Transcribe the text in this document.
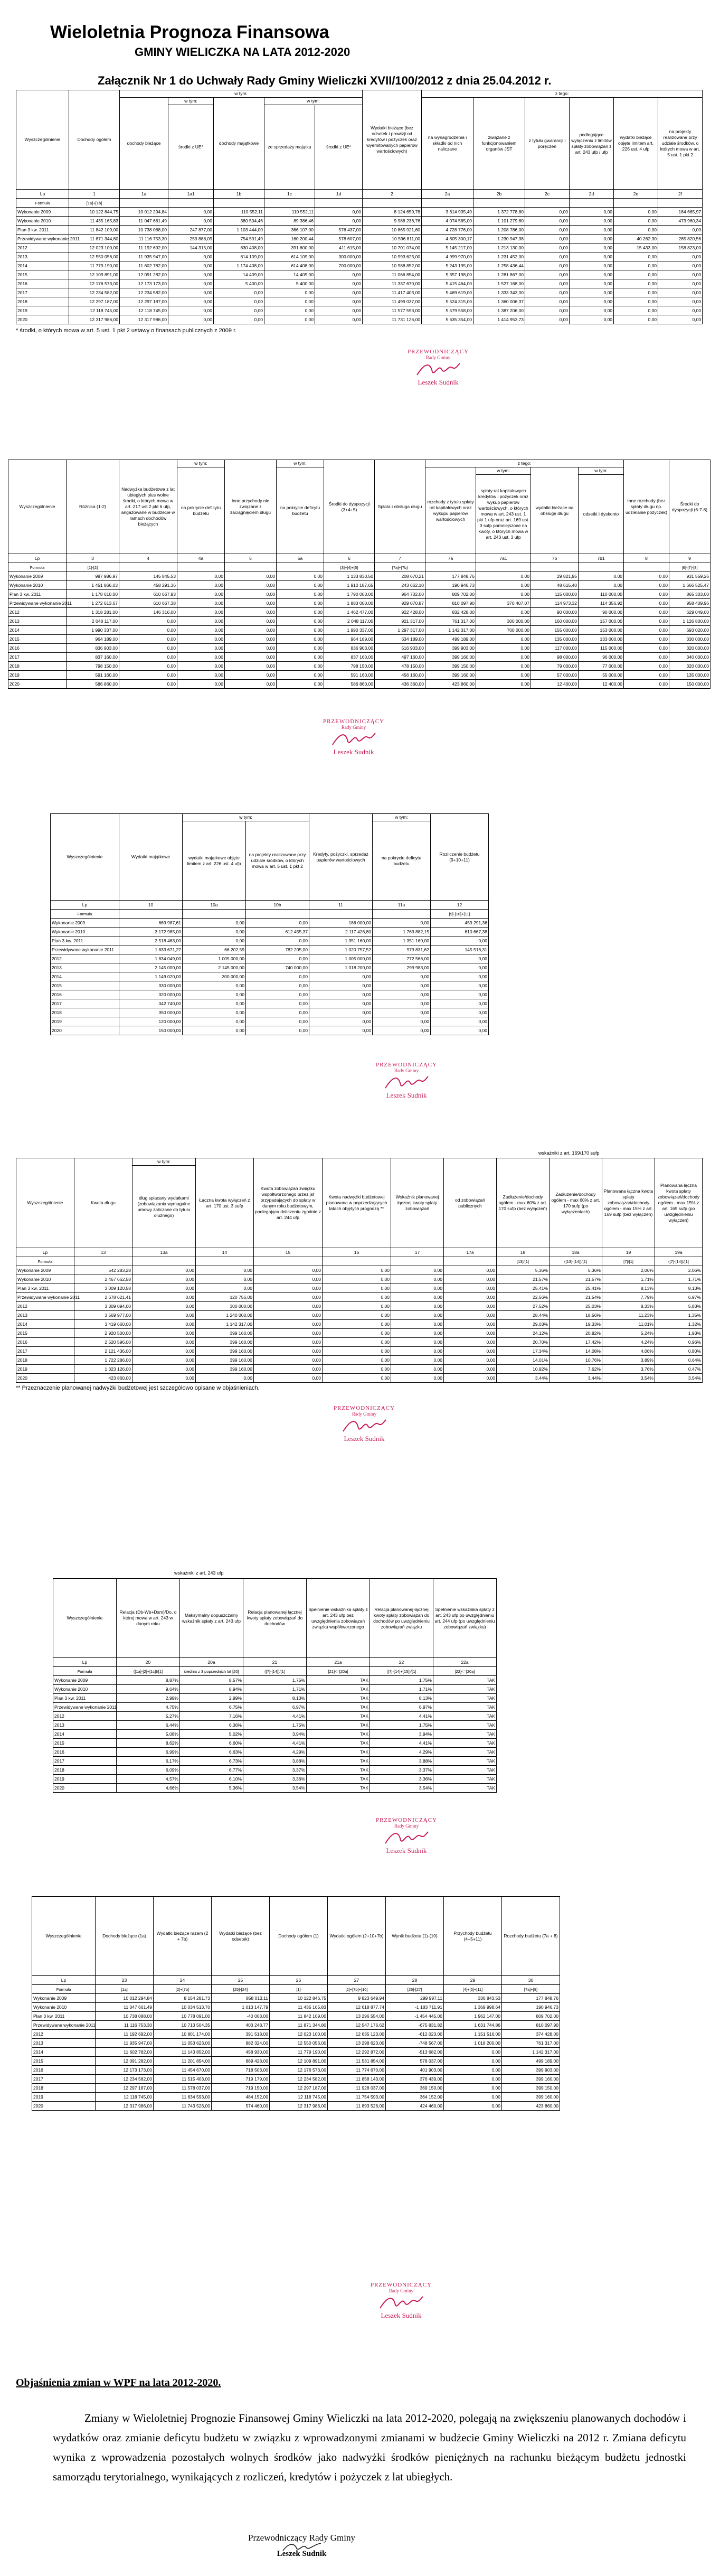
Wieloletnia Prognoza Finansowa
GMINY WIELICZKA NA LATA 2012-2020
Załącznik Nr 1 do Uchwały Rady Gminy Wieliczki XVII/100/2012 z dnia 25.04.2012 r.
Wyszczególnienie	Dochody ogółem	w tym:					Wydatki bieżące (bez odsetek i prowizji od kredytów i pożyczek oraz wyemitowanych papierów wartościowych)	z tego:					
		dochody bieżące	w tym:	dochody majątkowe	w tym:			na wynagrodzenia i składki od nich naliczane	związane z funkcjonowaniem organów JST	z tytułu gwarancji i poręczeń	podlegające wyłączeniu z limitów spłaty zobowiązań z art. 243 ufp / ufp	wydatki bieżące objęte limitem art. 226 ust. 4 ufp	na projekty realizowane przy udziale środków, o których mowa w art. 5 ust. 1 pkt 2
			środki z UE*		ze sprzedaży majątku	środki z UE*							
Lp	1	1a	1a1	1b	1c	1d	2	2a	2b	2c	2d	2e	2f
Formuła	[1a]+[1b]												
Wykonanie 2009	10 122 844,75	10 012 294,84	0,00	110 552,11	110 552,11	0,00	8 124 659,78	3 614 935,49	1 372 778,80	0,00	0,00	0,00	184 665,97
Wykonanie 2010	11 435 165,83	11 047 661,49	0,00	380 504,46	89 386,46	0,00	9 988 236,76	4 074 565,00	1 101 279,60	0,00	0,00	0,00	473 960,34
Plan 3 kw. 2011	11 842 109,00	10 738 088,00	247 877,00	1 103 444,00	366 107,00	576 437,00	10 865 921,60	4 728 776,00	1 208 786,00	0,00	0,00	0,00	0,00
Przewidywane wykonanie 2011	11 871 344,80	11 116 753,30	259 888,09	754 591,49	160 200,44	578 607,00	10 596 811,00	4 805 300,17	1 230 947,38	0,00	0,00	40 262,30	285 820,56
2012	12 023 100,00	11 192 692,00	144 315,00	830 408,00	391 600,00	411 615,00	10 701 074,00	5 145 217,00	1 213 130,00	0,00	0,00	15 433,00	158 823,00
2013	12 550 056,00	11 935 947,00	0,00	614 109,00	614 109,00	300 000,00	10 993 623,00	4 999 970,00	1 231 452,00	0,00	0,00	0,00	0,00
2014	11 779 190,00	11 602 782,00	0,00	1 174 408,00	614 408,00	700 000,00	10 988 852,00	5 243 195,00	1 258 436,44	0,00	0,00	0,00	0,00
2015	12 109 891,00	12 091 282,00	0,00	14 409,00	14 409,00	0,00	11 066 854,00	5 357 198,00	1 281 867,00	0,00	0,00	0,00	0,00
2016	12 176 573,00	12 173 173,00	0,00	5 400,00	5 400,00	0,00	11 337 670,00	5 415 464,00	1 527 168,00	0,00	0,00	0,00	0,00
2017	12 234 582,00	12 234 582,00	0,00	0,00	0,00	0,00	11 417 403,00	5 469 619,00	1 333 343,00	0,00	0,00	0,00	0,00
2018	12 297 187,00	12 297 187,00	0,00	0,00	0,00	0,00	11 499 037,00	5 524 315,00	1 360 006,37	0,00	0,00	0,00	0,00
2019	12 118 745,00	12 118 745,00	0,00	0,00	0,00	0,00	11 577 593,00	5 579 558,00	1 387 206,00	0,00	0,00	0,00	0,00
2020	12 317 986,00	12 317 986,00	0,00	0,00	0,00	0,00	11 731 126,00	5 635 354,00	1 414 953,73	0,00	0,00	0,00	0,00
* środki, o których mowa w art. 5 ust. 1 pkt 2 ustawy o finansach publicznych z 2009 r.
PRZEWODNICZĄCY
Rady Gminy
Leszek Sudnik
Wyszczególnienie	Różnica (1-2)	Nadwyżka budżetowa z lat ubiegłych plus wolne środki, o których mowa w art. 217 ust 2 pkt 6 ufp, angażowane w budżecie w ramach dochodów bieżących	w tym:	Inne przychody nie związane z zaciągnięciem długu	w tym:	Środki do dyspozycji (3+4+5)	Spłata i obsługa długu	z tego:				Inne rozchody (bez spłaty długu np. udzielanie pożyczek)	Środki do dyspozycji (6-7-8)
			na pokrycie deficytu budżetu		na pokrycie deficytu budżetu			rozchody z tytułu spłaty rat kapitałowych oraz wykupu papierów wartościowych	w tym:	wydatki bieżące na obsługę długu	w tym:		
									spłaty rat kapitałowych kredytów i pożyczek oraz wykup papierów wartościowych, o których mowa w art. 243 ust. 1 pkt 1 ufp oraz art. 169 ust. 3 sufp pomniejszone na kwoty, o których mowa w art. 243 ust. 3 ufp		odsetki i dyskonto		
Lp	3	4	4a	5	5a	6	7	7a	7a1	7b	7b1	8	9
Formuła	[1]-[2]					[3]+[4]+[5]	[7a]+[7b]						[6]-[7]-[8]
Wykonanie 2009	987 986,97	145 845,53	0,00	0,00	0,00	1 133 830,50	208 670,21	177 848,76	0,00	29 821,95	0,00	0,00	931 559,26
Wykonanie 2010	1 451 866,03	458 291,36	0,00	0,00	0,00	1 910 187,65	243 662,10	190 946,73	0,00	48 615,40	0,00	0,00	1 666 525,47
Plan 3 kw. 2011	1 178 610,00	610 667,93	0,00	0,00	0,00	1 790 003,00	964 702,00	809 702,00	0,00	115 000,00	110 000,00	0,00	865 303,00
Przewidywane wykonanie 2011	1 272 613,67	610 667,38	0,00	0,00	0,00	1 883 000,00	929 070,87	810 097,90	370 407,07	114 973,32	114 356,92	0,00	958 409,96
2012	1 318 281,00	146 316,00	0,00	0,00	0,00	1 462 477,00	922 428,00	832 428,00	0,00	90 000,00	90 000,00	0,00	629 049,00
2013	2 048 117,00	0,00	0,00	0,00	0,00	2 048 117,00	921 317,00	761 317,00	300 000,00	160 000,00	157 000,00	0,00	1 126 800,00
2014	1 990 337,00	0,00	0,00	0,00	0,00	1 990 337,00	1 297 317,00	1 142 317,00	700 000,00	155 000,00	153 000,00	0,00	693 020,00
2015	964 189,00	0,00	0,00	0,00	0,00	964 189,00	634 189,00	499 189,00	0,00	135 000,00	133 000,00	0,00	330 000,00
2016	836 903,00	0,00	0,00	0,00	0,00	836 903,00	516 903,00	399 903,00	0,00	117 000,00	115 000,00	0,00	320 000,00
2017	837 160,00	0,00	0,00	0,00	0,00	837 160,00	497 160,00	399 160,00	0,00	98 000,00	96 000,00	0,00	340 000,00
2018	798 150,00	0,00	0,00	0,00	0,00	798 150,00	478 150,00	399 150,00	0,00	79 000,00	77 000,00	0,00	320 000,00
2019	591 160,00	0,00	0,00	0,00	0,00	591 160,00	456 160,00	399 160,00	0,00	57 000,00	55 000,00	0,00	135 000,00
2020	586 860,00	0,00	0,00	0,00	0,00	586 860,00	436 360,00	423 860,00	0,00	12 400,00	12 400,00	0,00	150 000,00
PRZEWODNICZĄCY
Rady Gminy
Leszek Sudnik
Wyszczególnienie	Wydatki majątkowe	w tym:		Kredyty, pożyczki, sprzedaż papierów wartościowych	w tym:	Rozliczenie budżetu (9+10+11)
		wydatki majątkowe objęte limitem z art. 226 ust. 4 ufp	na projekty realizowane przy udziale środków, o których mowa w art. 5 ust. 1 pkt 2		na pokrycie deficytu budżetu	
Lp	10	10a	10b	11	11a	12
Formuła						[9]-[10]+[11]
Wykonanie 2009	669 987,61	0,00	0,00	186 000,00	0,00	459 291,36
Wykonanie 2010	3 172 985,00	0,00	612 455,37	2 117 426,80	1 769 882,15	610 667,38
Plan 3 kw. 2011	2 518 463,00	0,00	0,00	1 351 160,00	1 351 160,00	0,00
Przewidywane wykonanie 2011	1 833 671,27	66 202,59	782 205,00	1 020 757,52	979 831,62	145 516,31
2012	1 834 049,00	1 005 000,00	0,00	1 005 000,00	772 566,00	0,00
2013	2 145 000,00	2 145 000,00	740 000,00	1 018 200,00	299 983,00	0,00
2014	1 149 020,00	300 000,00	0,00	0,00	0,00	0,00
2015	330 000,00	0,00	0,00	0,00	0,00	0,00
2016	320 000,00	0,00	0,00	0,00	0,00	0,00
2017	342 740,00	0,00	0,00	0,00	0,00	0,00
2018	350 000,00	0,00	0,00	0,00	0,00	0,00
2019	120 000,00	0,00	0,00	0,00	0,00	0,00
2020	150 000,00	0,00	0,00	0,00	0,00	0,00
PRZEWODNICZĄCY
Rady Gminy
Leszek Sudnik
wskaźniki z art. 169/170 sufp
Wyszczególnienie	Kwota długu	w tym:	Łączna kwota wyłączeń z art. 170 ust. 3 sufp	Kwota zobowiązań związku współtworzonego przez jst przypadających do spłaty w danym roku budżetowym, podlegająca doliczeniu zgodnie z art. 244 ufp	Kwota nadwyżki budżetowej planowana w poprzedzających latach objętych prognozą **	Wskaźnik planowanej łącznej kwoty spłaty zobowiązań	od zobowiązań publicznych	Zadłużenie/dochody ogółem - max 60% z art. 170 sufp (bez wyłączeń)	Zadłużenie/dochody ogółem - max 60% z art. 170 sufp (po wyłączeniach)	Planowana łączna kwota spłaty zobowiązań/dochody ogółem - max 15% z art. 169 sufp (bez wyłączeń)	Planowana łączna kwota spłaty zobowiązań/dochody ogółem - max 15% z art. 169 sufp (po uwzględnieniu wyłączeń)
		dług spłacany wydatkami (zobowiązania wymagalne umowy zaliczane do tytułu dłużnego)									
Lp	13	13a	14	15	16	17	17a	18	18a	19	19a
Formuła								[13]/[1]	([13]-[14])/[1]	[7]/[1]	([7]-[14])/[1]
Wykonanie 2009	542 283,28	0,00	0,00	0,00	0,00	0,00	0,00	5,36%	5,36%	2,06%	2,06%
Wykonanie 2010	2 467 662,58	0,00	0,00	0,00	0,00	0,00	0,00	21,57%	21,57%	1,71%	1,71%
Plan 3 kw. 2011	3 009 120,58	0,00	0,00	0,00	0,00	0,00	0,00	25,41%	25,41%	8,13%	8,13%
Przewidywane wykonanie 2011	2 678 621,41	0,00	120 756,00	0,00	0,00	0,00	0,00	22,56%	21,54%	7,79%	6,97%
2012	3 309 094,00	0,00	300 000,00	0,00	0,00	0,00	0,00	27,52%	25,03%	8,33%	5,83%
2013	3 569 977,00	0,00	1 240 000,00	0,00	0,00	0,00	0,00	28,44%	18,56%	11,23%	1,35%
2014	3 419 660,00	0,00	1 142 317,00	0,00	0,00	0,00	0,00	29,03%	19,33%	11,01%	1,32%
2015	2 920 500,00	0,00	399 160,00	0,00	0,00	0,00	0,00	24,12%	20,82%	5,24%	1,93%
2016	2 520 596,00	0,00	399 160,00	0,00	0,00	0,00	0,00	20,70%	17,42%	4,24%	0,96%
2017	2 121 436,00	0,00	399 160,00	0,00	0,00	0,00	0,00	17,34%	14,08%	4,06%	0,80%
2018	1 722 286,00	0,00	399 160,00	0,00	0,00	0,00	0,00	14,01%	10,76%	3,89%	0,64%
2019	1 323 126,00	0,00	399 160,00	0,00	0,00	0,00	0,00	10,92%	7,62%	3,76%	0,47%
2020	423 860,00	0,00	0,00	0,00	0,00	0,00	0,00	3,44%	3,44%	3,54%	3,54%
** Przeznaczenie planowanej nadwyżki budżetowej jest szczegółowo opisane w objaśnieniach.
PRZEWODNICZĄCY
Rady Gminy
Leszek Sudnik
wskaźniki z art. 243 ufp
Wyszczególnienie	Relacja (Db-Wb+Dsm)/Do, o której mowa w art. 243 w danym roku	Maksymalny dopuszczalny wskaźnik spłaty z art. 243 ufp	Relacja planowanej łącznej kwoty spłaty zobowiązań do dochodów	Spełnienie wskaźnika spłaty z art. 243 ufp bez uwzględnienia zobowiązań związku współtworzonego	Relacja planowanej łącznej kwoty spłaty zobowiązań do dochodów po uwzględnieniu zobowiązań związku	Spełnienie wskaźnika spłaty z art. 243 ufp po uwzględnieniu art. 244 ufp (po uwzględnieniu zobowiązań związku)
Lp	20	20a	21	21a	22	22a
Formuła	([1a]-[2]+[1c])/[1]	średnia z 3 poprzednich lat [20]	([7]-[14])/[1]	[21]<=[20a]	([7]-[14]+[15])/[1]	[22]<=[20a]
Wykonanie 2009	8,87%	8,57%	1,75%	TAK	1,75%	TAK
Wykonanie 2010	9,64%	8,94%	1,71%	TAK	1,71%	TAK
Plan 3 kw. 2011	2,99%	2,99%	8,13%	TAK	8,13%	TAK
Przewidywane wykonanie 2011	4,75%	6,75%	6,97%	TAK	6,97%	TAK
2012	5,27%	7,16%	4,41%	TAK	4,41%	TAK
2013	6,44%	6,36%	1,75%	TAK	1,75%	TAK
2014	5,08%	5,02%	3,94%	TAK	3,94%	TAK
2015	8,62%	6,60%	4,41%	TAK	4,41%	TAK
2016	6,99%	6,63%	4,29%	TAK	4,29%	TAK
2017	6,17%	6,73%	3,88%	TAK	3,88%	TAK
2018	6,09%	6,77%	3,37%	TAK	3,37%	TAK
2019	4,57%	6,10%	3,36%	TAK	3,36%	TAK
2020	4,66%	5,36%	3,54%	TAK	3,54%	TAK
PRZEWODNICZĄCY
Rady Gminy
Leszek Sudnik
Wyszczególnienie	Dochody bieżące (1a)	Wydatki bieżące razem (2 + 7b)	Wydatki bieżące (bez odsetek)	Dochody ogółem (1)	Wydatki ogółem (2+10+7b)	Wynik budżetu (1)-(10)	Przychody budżetu (4+5+11)	Rozchody budżetu (7a + 8)
Lp	23	24	25	26	27	28	29	30
Formuła	[1a]	[2]+[7b]	[25]-[24]	[1]	[2]+[7b]+[10]	[26]-[27]	[4]+[5]+[11]	[7a]+[8]
Wykonanie 2009	10 012 294,84	8 154 281,73	858 013,11	10 122 846,75	9 823 649,94	299 997,11	336 843,53	177 848,76
Wykonanie 2010	11 047 661,49	10 034 513,70	1 013 147,79	11 435 165,83	12 618 877,74	-1 183 711,91	1 369 998,64	190 946,73
Plan 3 kw. 2011	10 738 088,00	10 778 091,00	-40 003,00	11 842 109,00	13 296 554,00	-1 454 445,00	1 962 147,00	809 702,00
Przewidywane wykonanie 2011	11 116 753,30	10 713 504,35	403 248,77	11 871 344,80	12 547 176,62	-675 831,82	1 631 744,86	810 097,90
2012	11 192 692,00	10 801 174,00	391 518,00	12 023 100,00	12 635 123,00	-612 023,00	1 151 516,00	374 428,00
2013	11 935 947,00	11 053 623,00	882 324,00	12 550 056,00	13 298 623,00	-748 567,00	1 018 200,00	761 317,00
2014	11 602 782,00	11 143 852,00	458 930,00	11 779 190,00	12 292 872,00	-513 682,00	0,00	1 142 317,00
2015	12 091 282,00	11 201 854,00	889 428,00	12 109 891,00	11 531 854,00	578 037,00	0,00	499 189,00
2016	12 173 173,00	11 454 670,00	718 503,00	12 176 573,00	11 774 670,00	401 903,00	0,00	399 903,00
2017	12 234 582,00	11 515 403,00	719 179,00	12 234 582,00	11 858 143,00	376 439,00	0,00	399 160,00
2018	12 297 187,00	11 578 037,00	719 150,00	12 297 187,00	11 928 037,00	369 150,00	0,00	399 150,00
2019	12 118 745,00	11 634 593,00	484 152,00	12 118 745,00	11 754 593,00	364 152,00	0,00	399 160,00
2020	12 317 986,00	11 743 526,00	574 460,00	12 317 986,00	11 893 526,00	424 460,00	0,00	423 860,00
PRZEWODNICZĄCY
Rady Gminy
Leszek Sudnik
Objaśnienia zmian w WPF na lata 2012-2020.
Zmiany w Wieloletniej Prognozie Finansowej Gminy Wieliczki na lata 2012-2020, polegają na zwiększeniu planowanych dochodów i wydatków oraz zmianie deficytu budżetu w związku z wprowadzonymi zmianami w budżecie Gminy Wieliczki na 2012 r. Zmiana deficytu wynika z wprowadzenia pozostałych wolnych środków jako nadwyżki środków pieniężnych na rachunku bieżącym budżetu jednostki samorządu terytorialnego, wynikających z rozliczeń, kredytów i pożyczek z lat ubiegłych.
Przewodniczący Rady Gminy
Leszek Sudnik
